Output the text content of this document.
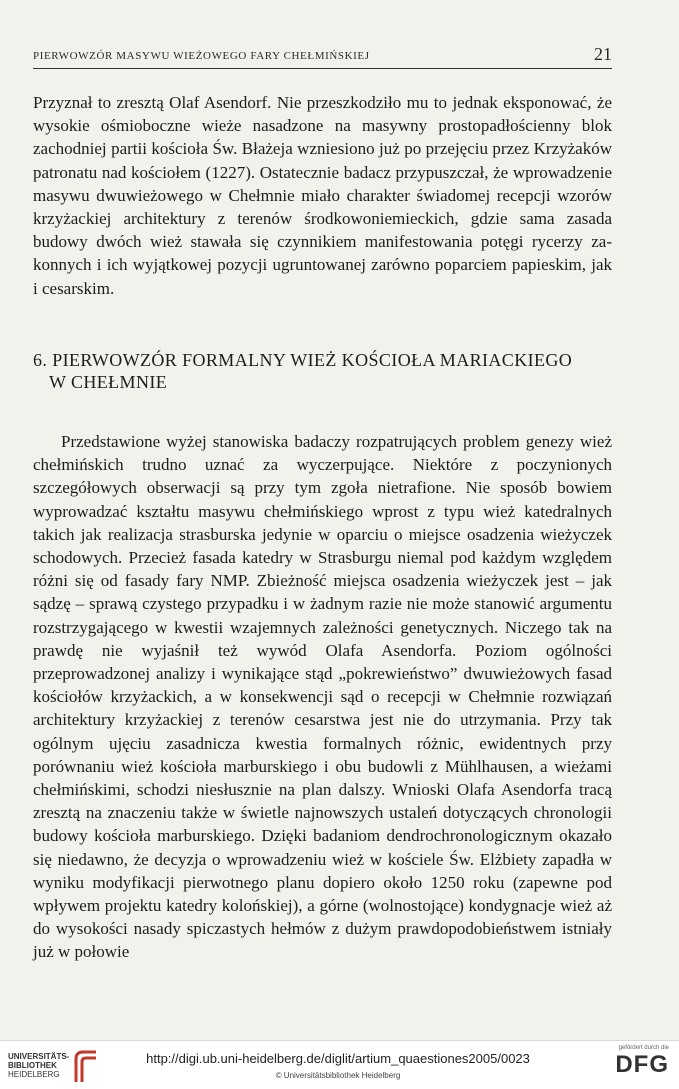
PIERWOWZÓR MASYWU WIEŻOWEGO FARY CHEŁMIŃSKIEJ	21

Przyznał to zresztą Olaf Asendorf. Nie przeszkodziło mu to jednak eksponować, że wysokie ośmioboczne wieże nasadzone na masywny prostopadłościenny blok zachodniej partii kościoła Św. Błażeja wzniesiono już po przejęciu przez Krzyżaków patronatu nad kościołem (1227). Ostatecznie badacz przypuszczał, że wprowadzenie masywu dwuwieżowego w Chełmnie miało charakter świadomej recepcji wzorów krzyżackiej architektury z terenów środkowoniemieckich, gdzie sama zasada budowy dwóch wież stawała się czynnikiem manifestowania potęgi rycerzy zakonnych i ich wyjątkowej pozycji ugruntowanej zarówno poparciem papieskim, jak i cesarskim.

6. PIERWOWZÓR FORMALNY WIEŻ KOŚCIOŁA MARIACKIEGO
W CHEŁMNIE

Przedstawione wyżej stanowiska badaczy rozpatrujących problem genezy wież chełmińskich trudno uznać za wyczerpujące. Niektóre z poczynionych szczegółowych obserwacji są przy tym zgoła nietrafione. Nie sposób bowiem wyprowadzać kształtu masywu chełmińskiego wprost z typu wież katedralnych takich jak realizacja strasburska jedynie w oparciu o miejsce osadzenia wieżyczek schodowych. Przecież fasada katedry w Strasburgu niemal pod każdym względem różni się od fasady fary NMP. Zbieżność miejsca osadzenia wieżyczek jest – jak sądzę – sprawą czystego przypadku i w żadnym razie nie może stanowić argumentu rozstrzygającego w kwestii wzajemnych zależności genetycznych. Niczego tak na prawdę nie wyjaśnił też wywód Olafa Asendorfa. Poziom ogólności przeprowadzonej analizy i wynikające stąd „pokrewieństwo” dwuwieżowych fasad kościołów krzyżackich, a w konsekwencji sąd o recepcji w Chełmnie rozwiązań architektury krzyżackiej z terenów cesarstwa jest nie do utrzymania. Przy tak ogólnym ujęciu zasadnicza kwestia formalnych różnic, ewidentnych przy porównaniu wież kościoła marburskiego i obu budowli z Mühlhausen, a wieżami chełmińskimi, schodzi niesłusznie na plan dalszy. Wnioski Olafa Asendorfa tracą zresztą na znaczeniu także w świetle najnowszych ustaleń dotyczących chronologii budowy kościoła marburskiego. Dzięki badaniom dendrochronologicznym okazało się niedawno, że decyzja o wprowadzeniu wież w kościele Św. Elżbiety zapadła w wyniku modyfikacji pierwotnego planu dopiero około 1250 roku (zapewne pod wpływem projektu katedry kolońskiej), a górne (wolnostojące) kondygnacje wież aż do wysokości nasady spiczastych hełmów z dużym prawdopodobieństwem istniały już w połowie

UNIVERSITÄTS-
BIBLIOTHEK
HEIDELBERG
http://digi.ub.uni-heidelberg.de/diglit/artium_quaestiones2005/0023
© Universitätsbibliothek Heidelberg
gefördert durch die
DFG
